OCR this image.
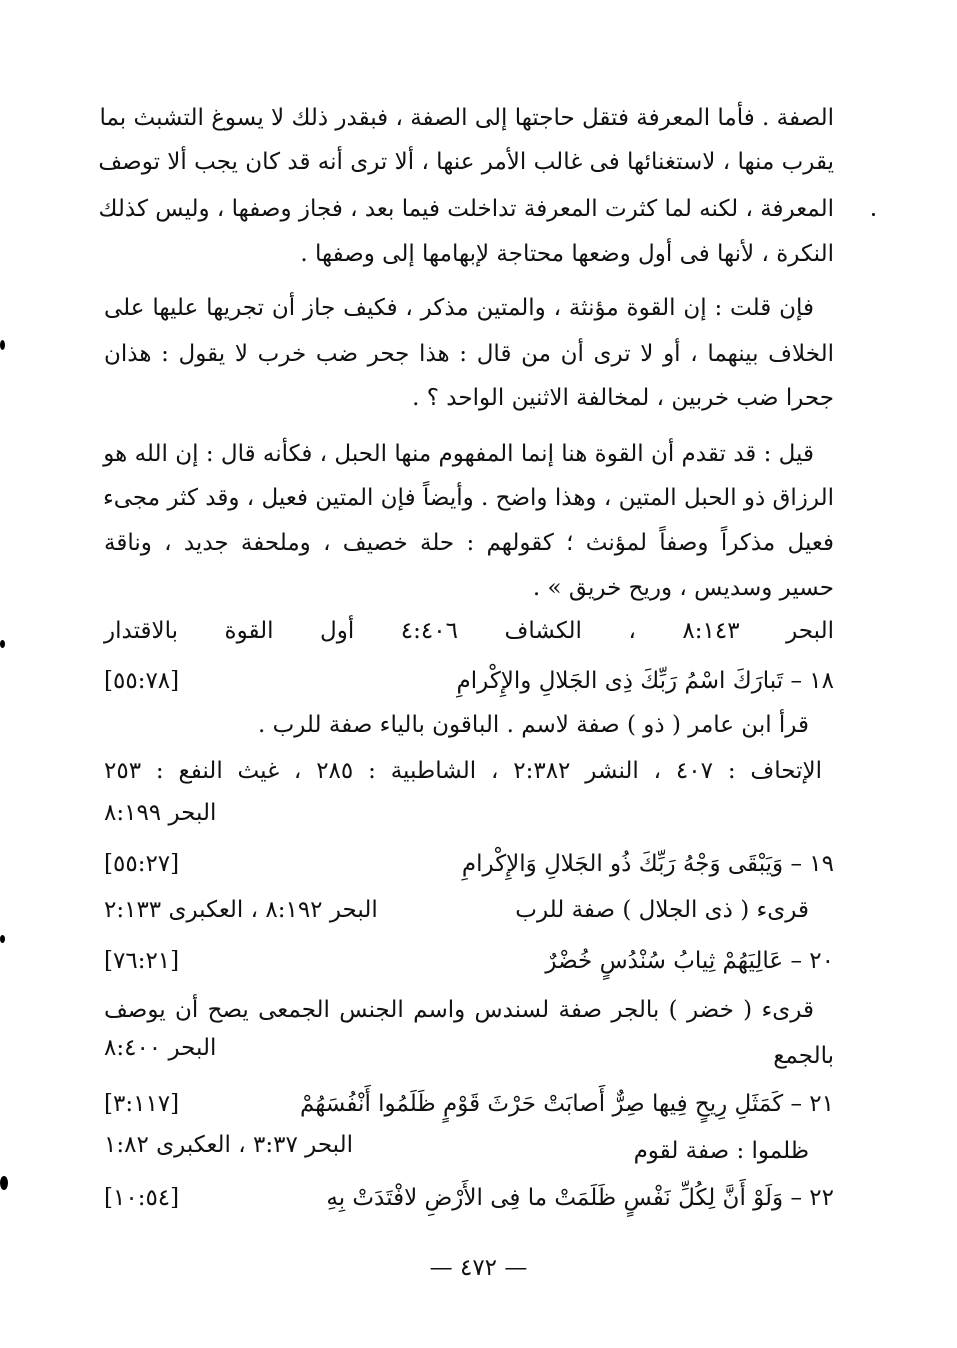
الصفة . فأما المعرفة فتقل حاجتها إلى الصفة ، فبقدر ذلك لا يسوغ التشبث بما
يقرب منها ، لاستغنائها فى غالب الأمر عنها ، ألا ترى أنه قد كان يجب ألا توصف
المعرفة ، لكنه لما كثرت المعرفة تداخلت فيما بعد ، فجاز وصفها ، وليس كذلك
النكرة ، لأنها فى أول وضعها محتاجة لإبهامها إلى وصفها .
فإن قلت : إن القوة مؤنثة ، والمتين مذكر ، فكيف جاز أن تجريها عليها على
الخلاف بينهما ، أو لا ترى أن من قال : هذا جحر ضب خرب لا يقول : هذان
جحرا ضب خربين ، لمخالفة الاثنين الواحد ؟ .
قيل : قد تقدم أن القوة هنا إنما المفهوم منها الحبل ، فكأنه قال : إن الله هو
الرزاق ذو الحبل المتين ، وهذا واضح . وأيضاً فإن المتين فعيل ، وقد كثر مجىء
فعيل مذكراً وصفاً لمؤنث ؛ كقولهم : حلة خصيف ، وملحفة جديد ، وناقة
حسير وسديس ، وريح خريق » .
البحر ٨:١٤٣ ، الكشاف ٤:٤٠٦ أول القوة بالاقتدار
١٨ – تَبارَكَ اسْمُ رَبِّكَ ذِى الجَلالِ والإِكْرامِ
[٥٥:٧٨]
قرأ ابن عامر ( ذو ) صفة لاسم . الباقون بالياء صفة للرب .
الإتحاف : ٤٠٧ ، النشر ٢:٣٨٢ ، الشاطبية : ٢٨٥ ، غيث النفع : ٢٥٣
البحر ٨:١٩٩
١٩ – وَيَبْقَى وَجْهُ رَبِّكَ ذُو الجَلالِ وَالإِكْرامِ
[٥٥:٢٧]
قرىء ( ذى الجلال ) صفة للرب
البحر ٨:١٩٢ ، العكبرى ٢:١٣٣
٢٠ – عَالِيَهُمْ ثِيابُ سُنْدُسٍ خُضْرٌ
[٧٦:٢١]
قرىء ( خضر ) بالجر صفة لسندس واسم الجنس الجمعى يصح أن يوصف
بالجمع
البحر ٨:٤٠٠
٢١ – كَمَثَلِ رِيحٍ فِيها صِرٌّ أَصابَتْ حَرْثَ قَوْمٍ ظَلَمُوا أَنْفُسَهُمْ
[٣:١١٧]
ظلموا : صفة لقوم
البحر ٣:٣٧ ، العكبرى ١:٨٢
٢٢ – وَلَوْ أَنَّ لِكُلِّ نَفْسٍ ظَلَمَتْ ما فِى الأَرْضِ لافْتَدَتْ بِهِ
[١٠:٥٤]
— ٤٧٢ —
